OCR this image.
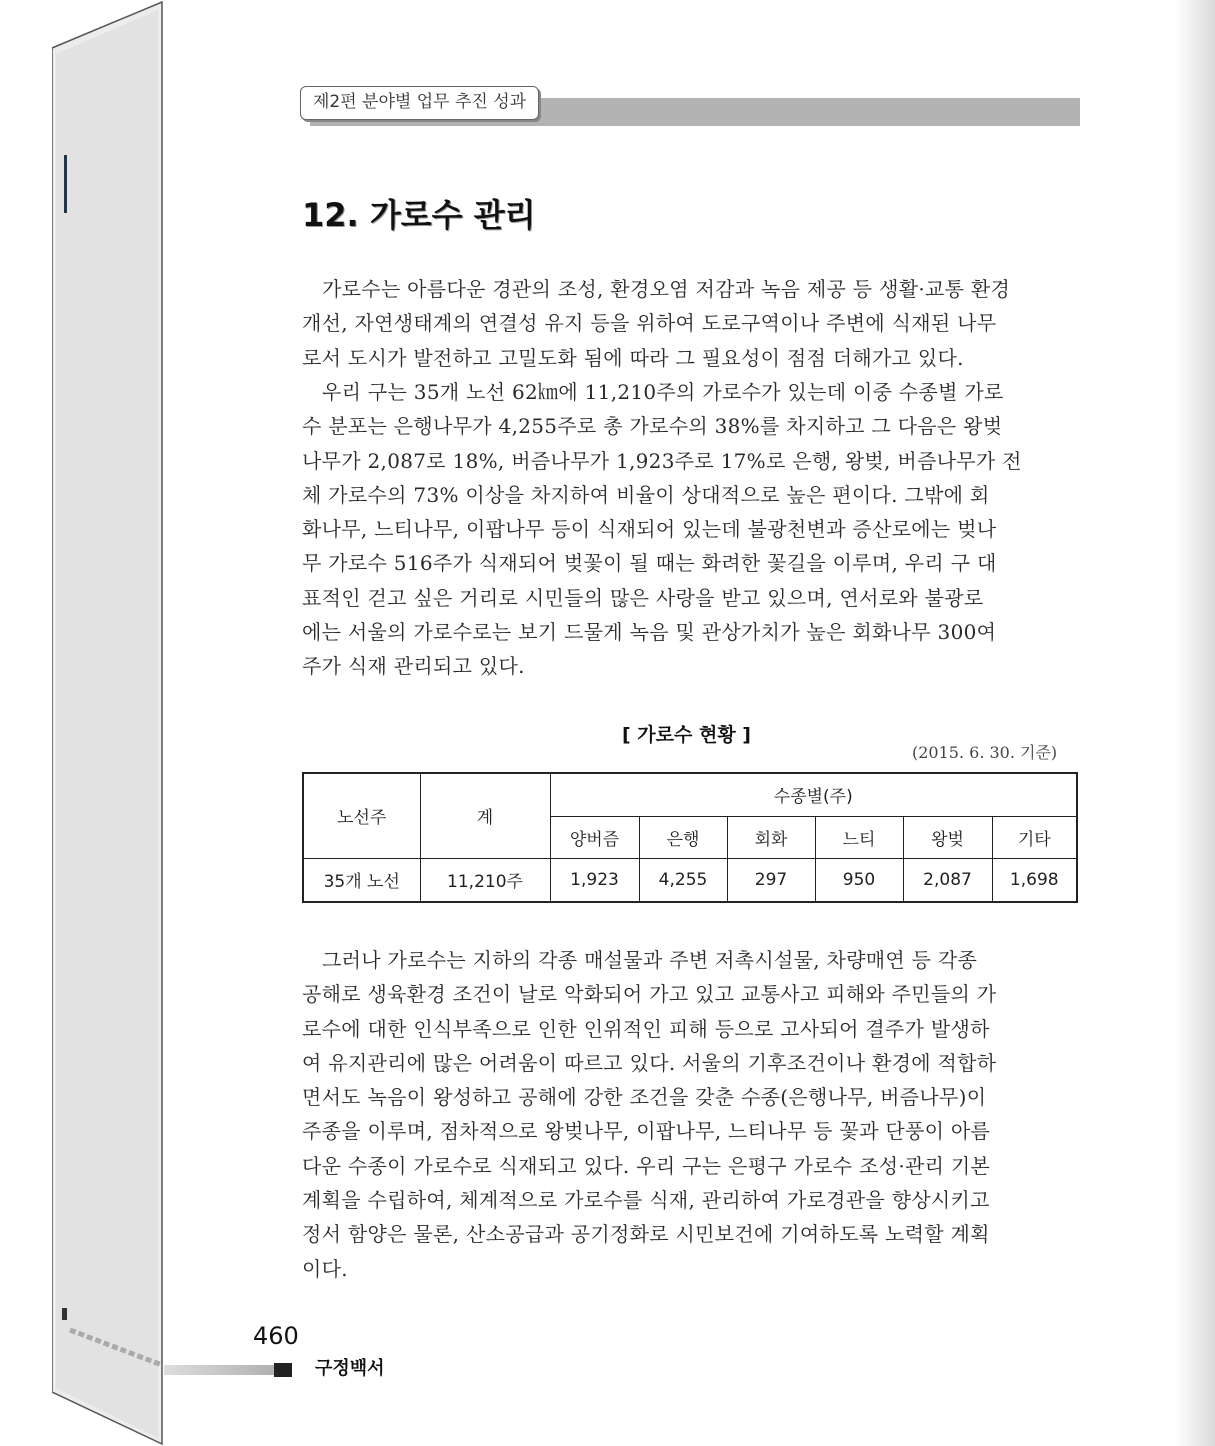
제2편 분야별 업무 추진 성과
12. 가로수 관리

가로수는 아름다운 경관의 조성, 환경오염 저감과 녹음 제공 등 생활·교통 환경
개선, 자연생태계의 연결성 유지 등을 위하여 도로구역이나 주변에 식재된 나무
로서 도시가 발전하고 고밀도화 됨에 따라 그 필요성이 점점 더해가고 있다.

우리 구는 35개 노선 62㎞에 11,210주의 가로수가 있는데 이중 수종별 가로
수 분포는 은행나무가 4,255주로 총 가로수의 38%를 차지하고 그 다음은 왕벚
나무가 2,087로 18%, 버즘나무가 1,923주로 17%로 은행, 왕벚, 버즘나무가 전
체 가로수의 73% 이상을 차지하여 비율이 상대적으로 높은 편이다. 그밖에 회
화나무, 느티나무, 이팝나무 등이 식재되어 있는데 불광천변과 증산로에는 벚나
무 가로수 516주가 식재되어 벚꽃이 될 때는 화려한 꽃길을 이루며, 우리 구 대
표적인 걷고 싶은 거리로 시민들의 많은 사랑을 받고 있으며, 연서로와 불광로
에는 서울의 가로수로는 보기 드물게 녹음 및 관상가치가 높은 회화나무 300여
주가 식재 관리되고 있다.

[ 가로수 현황 ]
(2015. 6. 30. 기준)
노선주	계	수종별(주)					
		양버즘	은행	회화	느티	왕벚	기타
35개 노선	11,210주	1,923	4,255	297	950	2,087	1,698

그러나 가로수는 지하의 각종 매설물과 주변 저촉시설물, 차량매연 등 각종
공해로 생육환경 조건이 날로 악화되어 가고 있고 교통사고 피해와 주민들의 가
로수에 대한 인식부족으로 인한 인위적인 피해 등으로 고사되어 결주가 발생하
여 유지관리에 많은 어려움이 따르고 있다. 서울의 기후조건이나 환경에 적합하
면서도 녹음이 왕성하고 공해에 강한 조건을 갖춘 수종(은행나무, 버즘나무)이
주종을 이루며, 점차적으로 왕벚나무, 이팝나무, 느티나무 등 꽃과 단풍이 아름
다운 수종이 가로수로 식재되고 있다. 우리 구는 은평구 가로수 조성·관리 기본
계획을 수립하여, 체계적으로 가로수를 식재, 관리하여 가로경관을 향상시키고
정서 함양은 물론, 산소공급과 공기정화로 시민보건에 기여하도록 노력할 계획
이다.

460
구정백서
